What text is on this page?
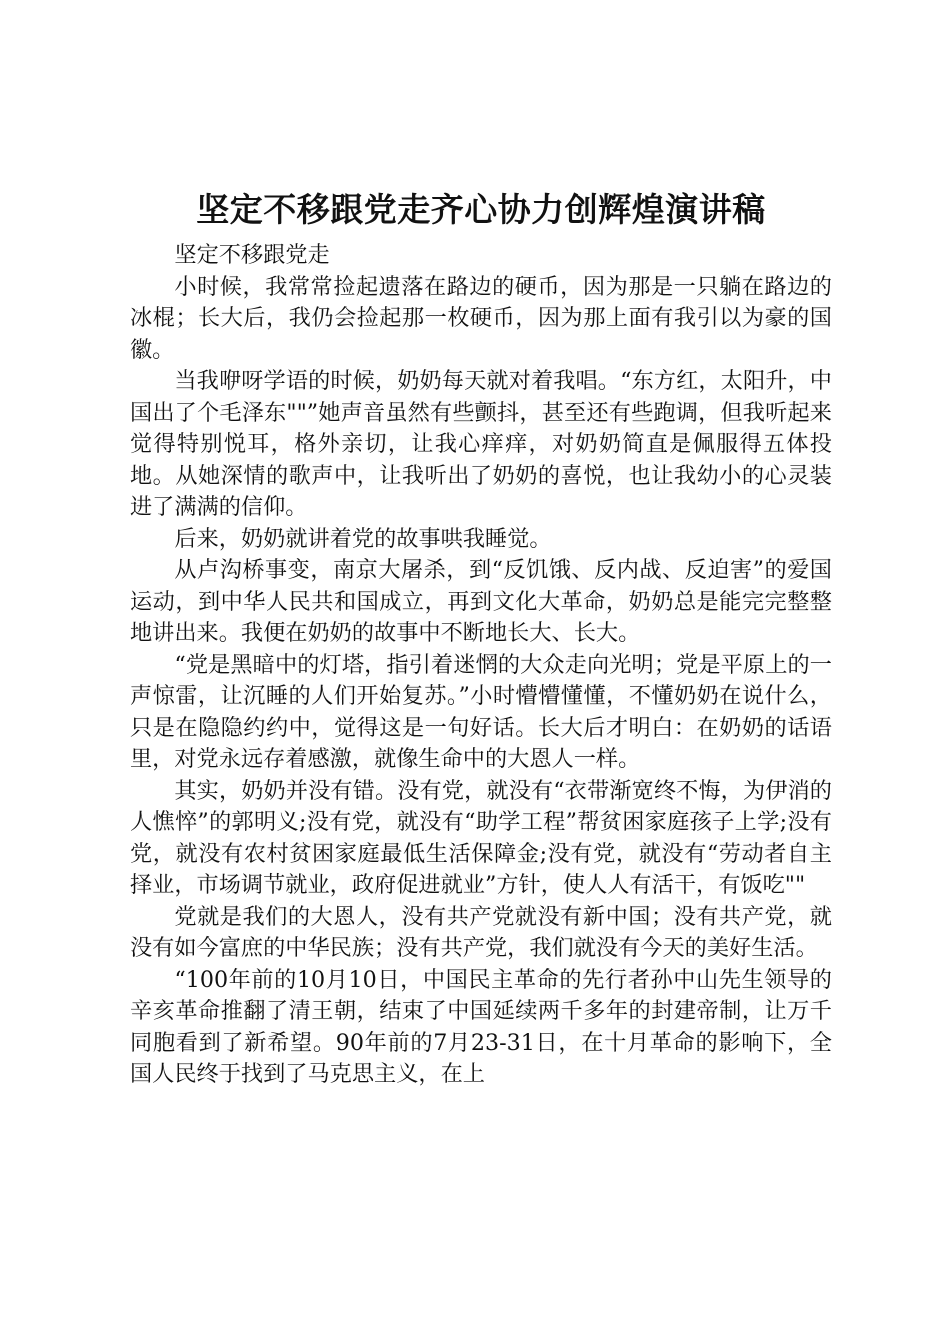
坚定不移跟党走齐心协力创辉煌演讲稿

坚定不移跟党走

小时候，我常常捡起遗落在路边的硬币，因为那是一只躺在路边的冰棍；长大后，我仍会捡起那一枚硬币，因为那上面有我引以为豪的国徽。

当我咿呀学语的时候，奶奶每天就对着我唱。“东方红，太阳升，中国出了个毛泽东""”她声音虽然有些颤抖，甚至还有些跑调，但我听起来觉得特别悦耳，格外亲切，让我心痒痒，对奶奶简直是佩服得五体投地。从她深情的歌声中，让我听出了奶奶的喜悦，也让我幼小的心灵装进了满满的信仰。

后来，奶奶就讲着党的故事哄我睡觉。

从卢沟桥事变，南京大屠杀，到“反饥饿、反内战、反迫害”的爱国运动，到中华人民共和国成立，再到文化大革命，奶奶总是能完完整整地讲出来。我便在奶奶的故事中不断地长大、长大。

“党是黑暗中的灯塔，指引着迷惘的大众走向光明；党是平原上的一声惊雷，让沉睡的人们开始复苏。”小时懵懵懂懂，不懂奶奶在说什么，只是在隐隐约约中，觉得这是一句好话。长大后才明白：在奶奶的话语里，对党永远存着感激，就像生命中的大恩人一样。

其实，奶奶并没有错。没有党，就没有“衣带渐宽终不悔，为伊消的人憔悴”的郭明义;没有党，就没有“助学工程”帮贫困家庭孩子上学;没有党，就没有农村贫困家庭最低生活保障金;没有党，就没有“劳动者自主择业，市场调节就业，政府促进就业”方针，使人人有活干，有饭吃""

党就是我们的大恩人，没有共产党就没有新中国；没有共产党，就没有如今富庶的中华民族；没有共产党，我们就没有今天的美好生活。

“100年前的10月10日，中国民主革命的先行者孙中山先生领导的辛亥革命推翻了清王朝，结束了中国延续两千多年的封建帝制，让万千同胞看到了新希望。90年前的7月23-31日，在十月革命的影响下，全国人民终于找到了马克思主义，在上
